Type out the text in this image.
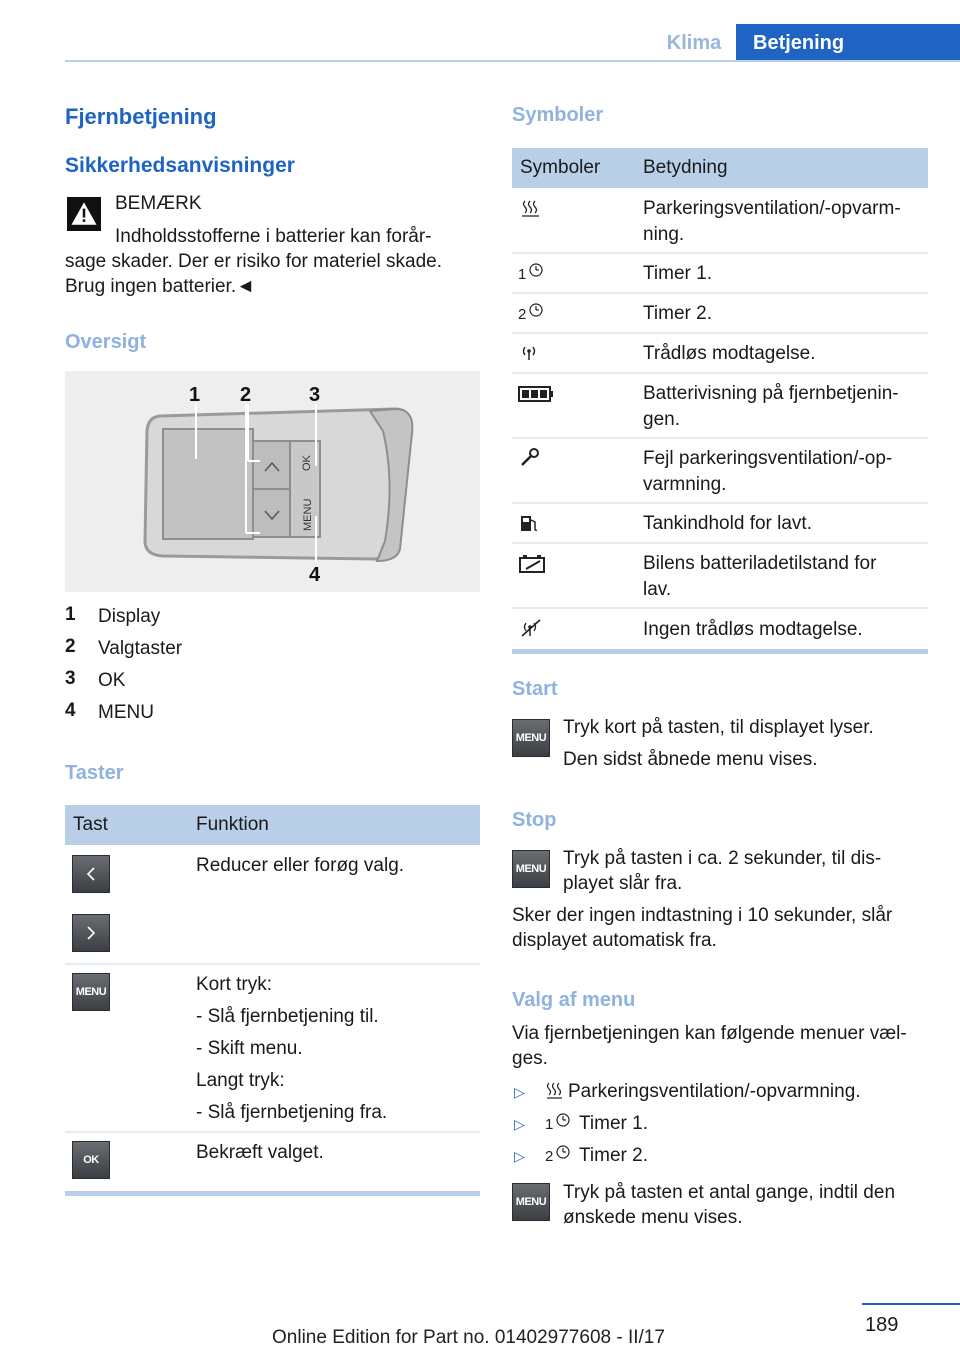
Klima	Betjening
Fjernbetjening
Sikkerhedsanvisninger
BEMÆRK
Indholdsstofferne i batterier kan forår-
sage skader. Der er risiko for materiel skade.
Brug ingen batterier.◄
Oversigt
OK
MENU
1 2	3
4
1 Display
2 Valgtaster
3 OK
4 MENU
Taster
Tast	Funktion
Reducer eller forøg valg.
MENU	Kort tryk:
- Slå fjernbetjening til.
- Skift menu.
Langt tryk:
- Slå fjernbetjening fra.
OK	Bekræft valget.
Symboler
Symboler Betydning
Parkeringsventilation/-opvarm-
ning.
1	Timer 1.
2	Timer 2.
Trådløs modtagelse.
Batterivisning på fjernbetjenin-
gen.
Fejl parkeringsventilation/-op-
varmning.
Tankindhold for lavt.
Bilens batteriladetilstand for
lav.
Ingen trådløs modtagelse.
Start
MENU Tryk kort på tasten, til displayet lyser.
Den sidst åbnede menu vises.
Stop
MENU Tryk på tasten i ca. 2 sekunder, til dis-
playet slår fra.
Sker der ingen indtastning i 10 sekunder, slår
displayet automatisk fra.
Valg af menu
Via fjernbetjeningen kan følgende menuer væl-
ges.
▷ Parkeringsventilation/-opvarmning.
▷ 1 Timer 1.
▷ 2 Timer 2.
MENU Tryk på tasten et antal gange, indtil den
ønskede menu vises.
189
Online Edition for Part no. 01402977608 - II/17
